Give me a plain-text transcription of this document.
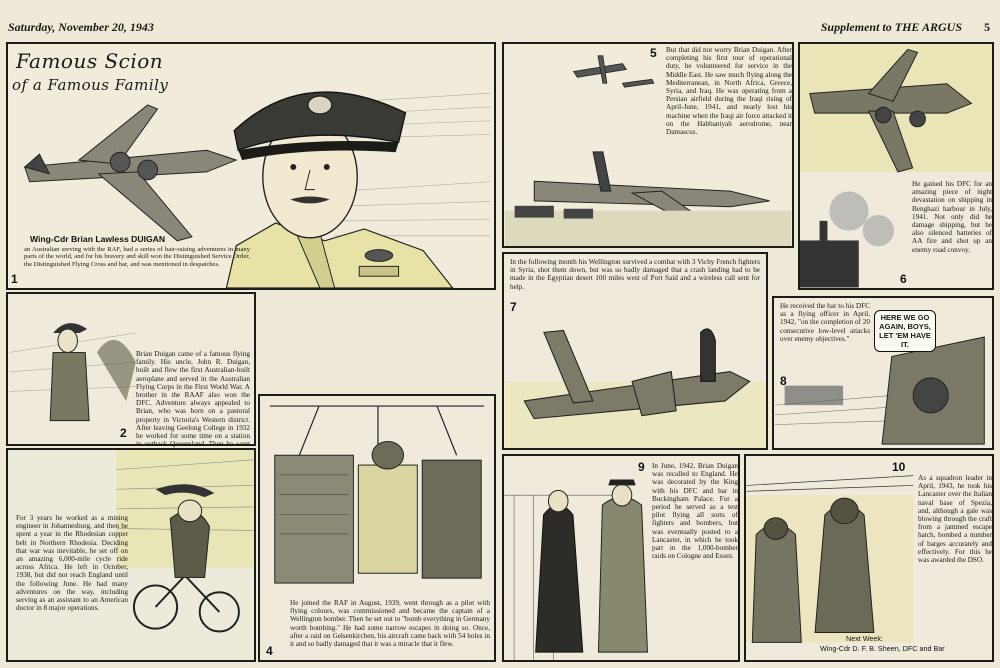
Saturday, November 20, 1943	Supplement to THE ARGUS 5
Famous Scion
of a Famous Family
Wing-Cdr Brian Lawless DUIGAN
an Australian serving with the RAF, had a series of hair-raising adventures in many parts of the world, and for his bravery and skill won the Distinguished Service Order, the Distinguished Flying Cross and bar, and was mentioned in despatches.
1
Brian Duigan came of a famous flying family. His uncle, John R. Duigan, built and flew the first Australian-built aeroplane and served in the Australian Flying Corps in the First World War. A brother in the RAAF also won the DFC. Adventure always appealed to Brian, who was born on a pastoral property in Victoria's Western district. After leaving Geelong College in 1932 he worked for some time on a station in outback Queensland. Then he went
2
For 3 years he worked as a mining engineer in Johannesburg, and then he spent a year in the Rhodesian copper belt in Northern Rhodesia. Deciding that war was inevitable, he set off on an amazing 6,000-mile cycle ride across Africa. He left in October, 1938, but did not reach England until the following June. He had many adventures on the way, including serving as an assistant to an American doctor in 8 major operations.
He joined the RAF in August, 1939, went through as a pilot with flying colours, was commissioned and became the captain of a Wellington bomber. Then he set out to "bomb everything in Germany worth bombing." He had some narrow escapes in doing so. Once, after a raid on Gelsenkirchen, his aircraft came back with 54 holes in it and so badly damaged that it was a miracle that it flew.
4
But that did not worry Brian Duigan. After completing his first tour of operational duty, he volunteered for service in the Middle East. He saw much flying along the Mediterranean, in North Africa, Greece, Syria, and Iraq. He was operating from a Persian airfield during the Iraqi rising of April-June, 1941, and nearly lost his machine when the Iraqi air force attacked it on the Habbaniyah aerodrome, near Damascus.
5
He gained his DFC for an amazing piece of night devastation on shipping in Benghazi harbour in July, 1941. Not only did he damage shipping, but he also silenced batteries of AA fire and shot up an enemy road convoy.
6
In the following month his Wellington survived a combat with 3 Vichy French fighters in Syria, shot them down, but was so badly damaged that a crash landing had to be made in the Egyptian desert 100 miles west of Port Said and a wireless call sent for help.
7	He received the bar to his DFC as a flying officer in April, 1942, "on the completion of 20 consecutive low-level attacks over enemy objectives."
HERE WE GO AGAIN, BOYS, LET 'EM HAVE IT.
8
In June, 1942, Brian Duigan was recalled to England. He was decorated by the King with his DFC and bar in Buckingham Palace. For a period he served as a test pilot flying all sorts of fighters and bombers, but was eventually posted to a Lancaster, in which he took part in the 1,000-bomber raids on Cologne and Essen.
9
As a squadron leader in April, 1943, he took his Lancaster over the Italian naval base of Spezia, and, although a gale was blowing through the craft from a jammed escape hatch, bombed a number of barges accurately and effectively. For this he was awarded the DSO.
10
Next Week:
Wing-Cdr D. F. B. Sheen, DFC and Bar
